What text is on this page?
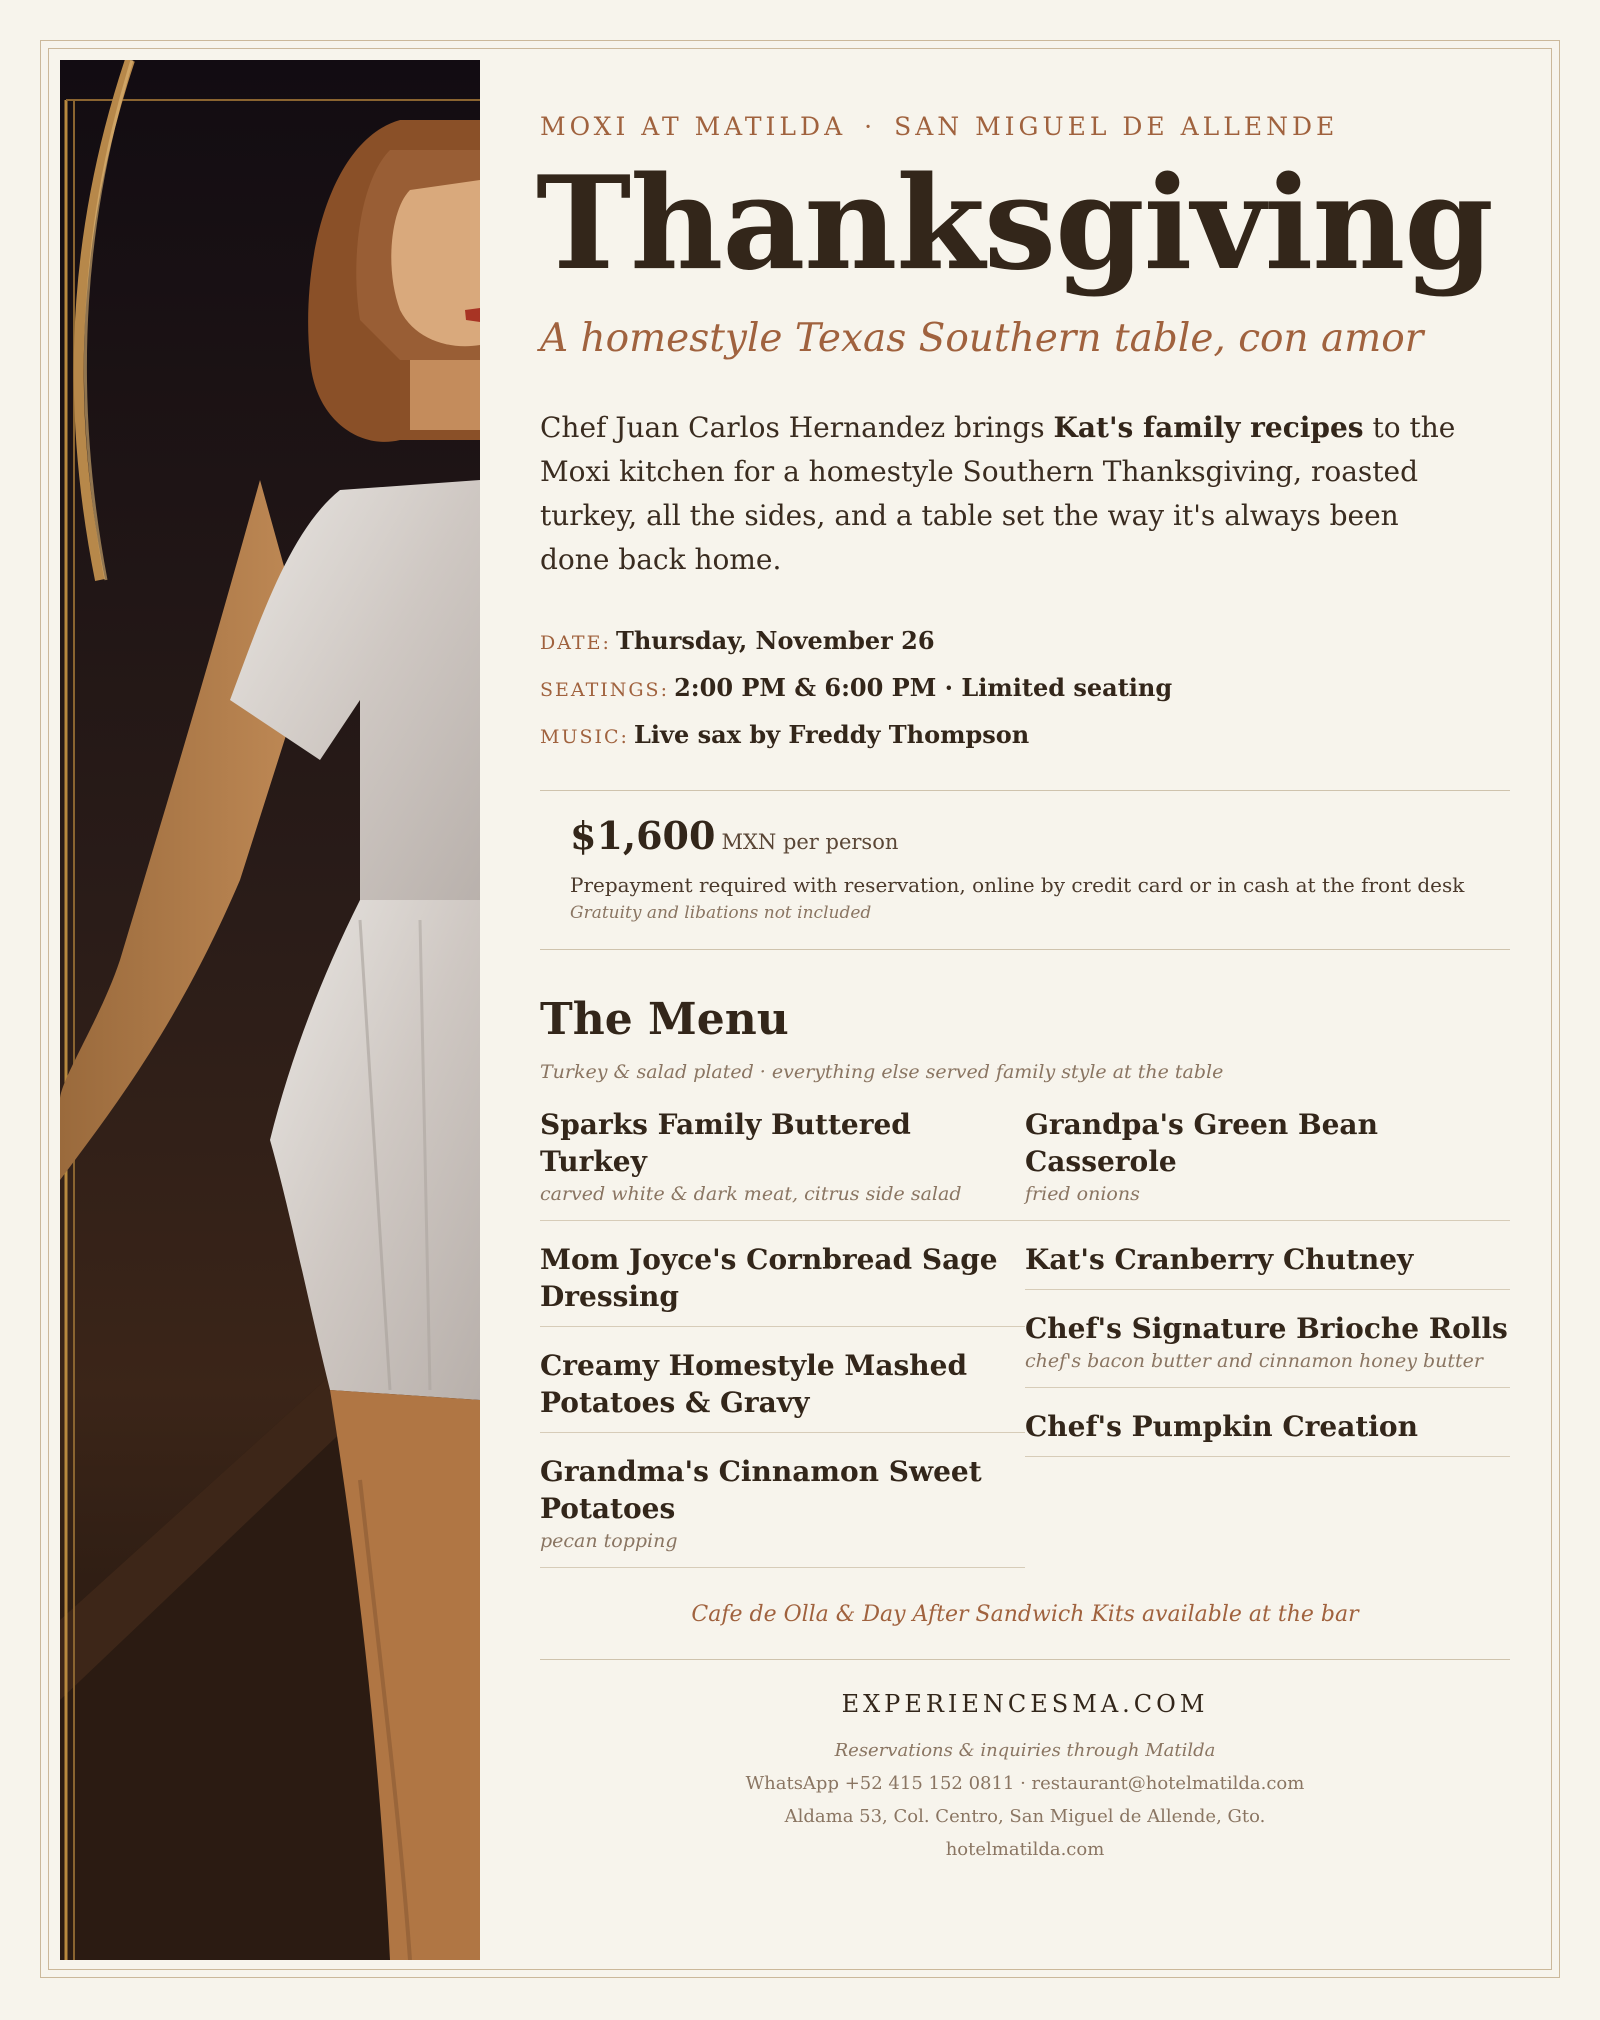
MOXI AT MATILDA · SAN MIGUEL DE ALLENDE
Thanksgiving
A homestyle Texas Southern table, con amor
Chef Juan Carlos Hernandez brings Kat's family recipes to the Moxi kitchen for a homestyle Southern Thanksgiving, roasted turkey, all the sides, and a table set the way it's always been done back home.
DATE: Thursday, November 26
SEATINGS: 2:00 PM & 6:00 PM · Limited seating
MUSIC: Live sax by Freddy Thompson
$1,600 MXN per person
Prepayment required with reservation, online by credit card or in cash at the front desk
Gratuity and libations not included
The Menu
Turkey & salad plated · everything else served family style at the table
Sparks Family Buttered Turkey
carved white & dark meat, citrus side salad
Mom Joyce's Cornbread Sage Dressing
Creamy Homestyle Mashed Potatoes & Gravy
Grandma's Cinnamon Sweet Potatoes
pecan topping
Grandpa's Green Bean Casserole
fried onions
Kat's Cranberry Chutney
Chef's Signature Brioche Rolls
chef's bacon butter and cinnamon honey butter
Chef's Pumpkin Creation
Cafe de Olla & Day After Sandwich Kits available at the bar
EXPERIENCESMA.COM
Reservations & inquiries through Matilda
WhatsApp +52 415 152 0811 · restaurant@hotelmatilda.com
Aldama 53, Col. Centro, San Miguel de Allende, Gto.
hotelmatilda.com
